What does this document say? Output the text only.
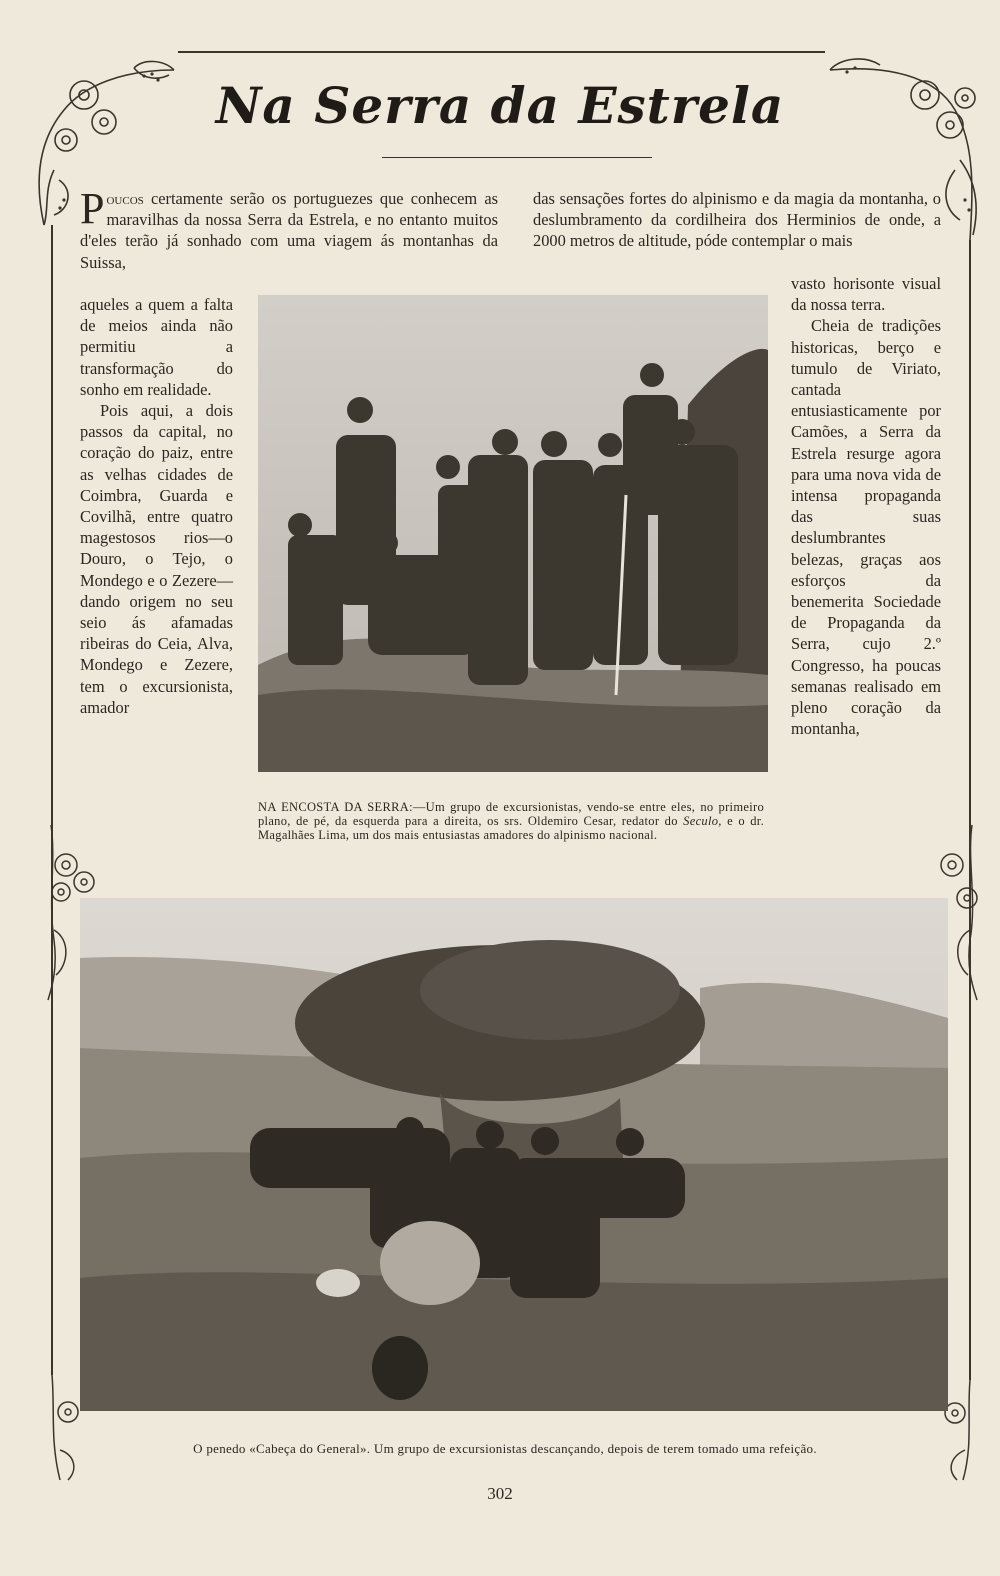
Na Serra da Estrela

Poucos certamente serão os portuguezes que conhecem as maravilhas da nossa Serra da Estrela, e no entanto muitos d'eles terão já sonhado com uma viagem ás montanhas da Suissa,

aqueles a quem a falta de meios ainda não permitiu a transformação do sonho em realidade.

Pois aqui, a dois passos da capital, no coração do paiz, entre as velhas cidades de Coimbra, Guarda e Covilhã, entre quatro magestosos rios—o Douro, o Tejo, o Mondego e o Zezere—dando origem no seu seio ás afamadas ribeiras do Ceia, Alva, Mondego e Zezere, tem o excursionista, amador

das sensações fortes do alpinismo e da magia da montanha, o deslumbramento da cordilheira dos Herminios de onde, a 2000 metros de altitude, póde contemplar o mais

vasto horisonte visual da nossa terra.

Cheia de tradições historicas, berço e tumulo de Viriato, cantada entusiasticamente por Camões, a Serra da Estrela resurge agora para uma nova vida de intensa propaganda das suas deslumbrantes belezas, graças aos esforços da benemerita Sociedade de Propaganda da Serra, cujo 2.º Congresso, ha poucas semanas realisado em pleno coração da montanha,

NA ENCOSTA DA SERRA:—Um grupo de excursionistas, vendo-se entre eles, no primeiro plano, de pé, da esquerda para a direita, os srs. Oldemiro Cesar, redator do Seculo, e o dr. Magalhães Lima, um dos mais entusiastas amadores do alpinismo nacional.
O penedo «Cabeça do General». Um grupo de excursionistas descançando, depois de terem tomado uma refeição.
302
